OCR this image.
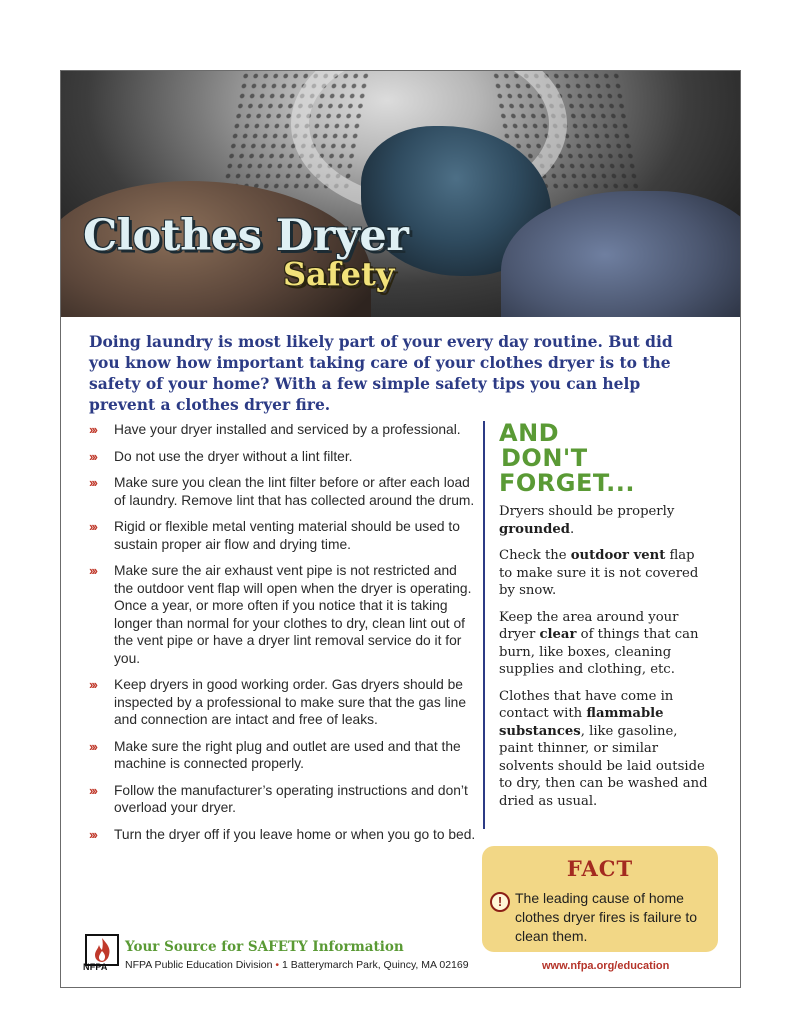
Clothes Dryer
Safety

Doing laundry is most likely part of your every day routine. But did you know how important taking care of your clothes dryer is to the safety of your home? With a few simple safety tips you can help prevent a clothes dryer fire.

››› Have your dryer installed and serviced by a professional.
››› Do not use the dryer without a lint filter.
››› Make sure you clean the lint filter before or after each load of laundry. Remove lint that has collected around the drum.
››› Rigid or flexible metal venting material should be used to sustain proper air flow and drying time.
››› Make sure the air exhaust vent pipe is not restricted and the outdoor vent flap will open when the dryer is operating. Once a year, or more often if you notice that it is taking longer than normal for your clothes to dry, clean lint out of the vent pipe or have a dryer lint removal service do it for you.
››› Keep dryers in good working order. Gas dryers should be inspected by a professional to make sure that the gas line and connection are intact and free of leaks.
››› Make sure the right plug and outlet are used and that the machine is connected properly.
››› Follow the manufacturer’s operating instructions and don’t overload your dryer.
››› Turn the dryer off if you leave home or when you go to bed.
AND
DON'T
FORGET...

Dryers should be properly grounded.

Check the outdoor vent flap to make sure it is not covered by snow.

Keep the area around your dryer clear of things that can burn, like boxes, cleaning supplies and clothing, etc.

Clothes that have come in contact with flammable substances, like gasoline, paint thinner, or similar solvents should be laid outside to dry, then can be washed and dried as usual.

FACT
! The leading cause of home clothes dryer fires is failure to clean them.

NFPA

Your Source for SAFETY Information

NFPA Public Education Division • 1 Batterymarch Park, Quincy, MA 02169	www.nfpa.org/education
